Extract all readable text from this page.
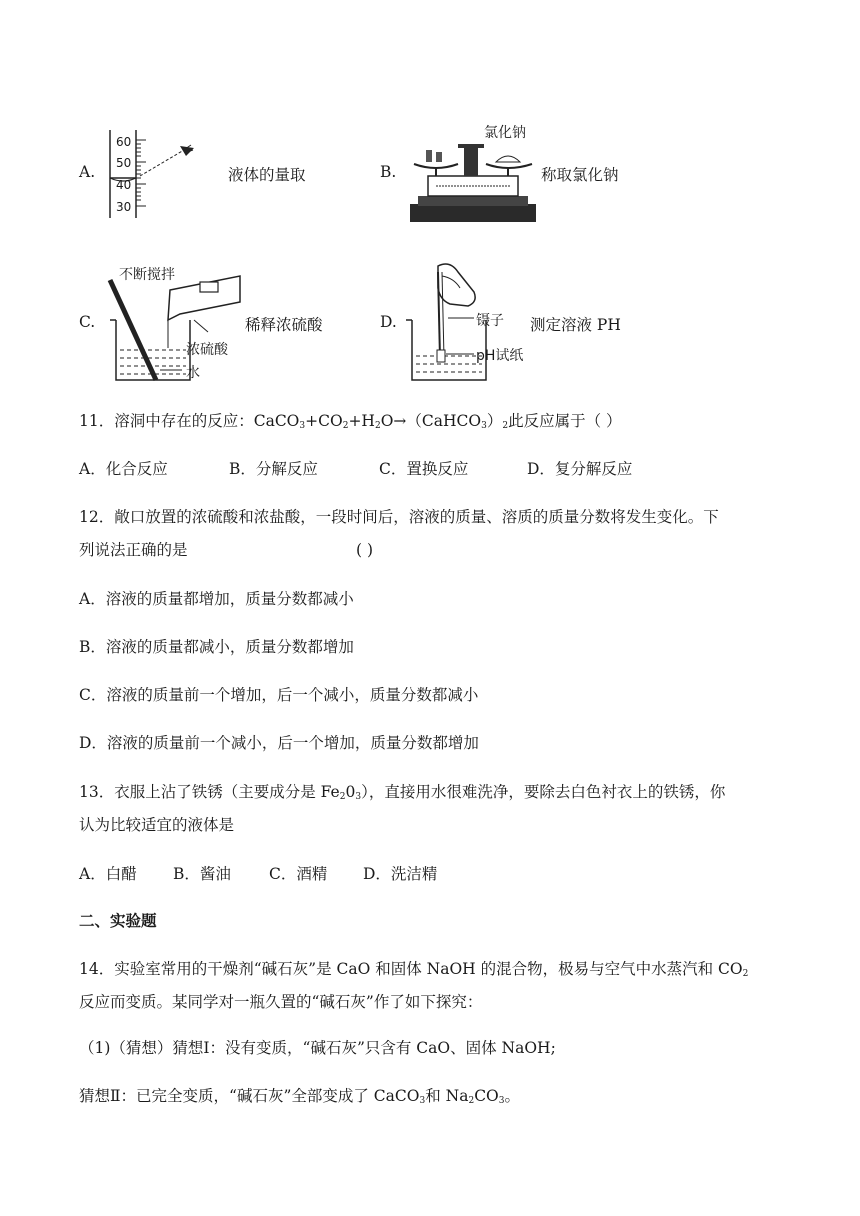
A.
60
50
40
30
液体的量取	B.
氯化钠
称取氯化钠
C.
不断搅拌
稀释浓硫酸
浓硫酸
水
D.	镊子 测定溶液 PH
pH试纸
11．溶洞中存在的反应：$CaCO_3+CO_2+H_2O\to(CaHCO_3)_2$此反应属于（ ）
A．化合反应	B．分解反应	C．置换反应	D．复分解反应
12．敞口放置的浓硫酸和浓盐酸，一段时间后，溶液的质量、溶质的质量分数将发生变化。下
列说法正确的是	( )
A．溶液的质量都增加，质量分数都减小
B．溶液的质量都减小，质量分数都增加
C．溶液的质量前一个增加，后一个减小，质量分数都减小
D．溶液的质量前一个减小，后一个增加，质量分数都增加
13．衣服上沾了铁锈（主要成分是 $Fe_20_3$），直接用水很难洗净，要除去白色衬衣上的铁锈，你
认为比较适宜的液体是
A．白醋 B．酱油 C．酒精 D．洗洁精
二、实验题
14．实验室常用的干燥剂“碱石灰”是 CaO 和固体 NaOH 的混合物，极易与空气中水蒸汽和 $CO_2$
反应而变质。某同学对一瓶久置的“碱石灰”作了如下探究：
（1)（猜想）猜想Ⅰ：没有变质，“碱石灰”只含有 CaO、固体 NaOH;
猜想Ⅱ：已完全变质，“碱石灰”全部变成了 CaCO$_3$和 $Na_2CO_3$。
